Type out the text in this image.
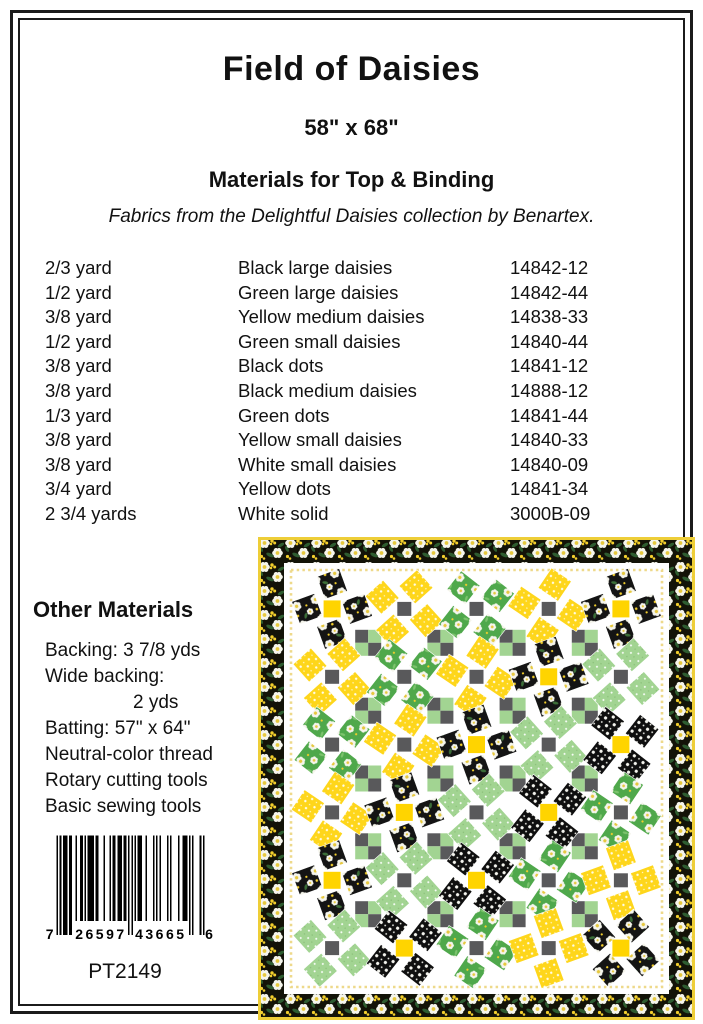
Field of Daisies
58" x 68"
Materials for Top & Binding
Fabrics from the Delightful Daisies collection by Benartex.
2/3 yard	Black large daisies	14842-12
1/2 yard	Green large daisies	14842-44
3/8 yard	Yellow medium daisies	14838-33
1/2 yard	Green small daisies	14840-44
3/8 yard	Black dots	14841-12
3/8 yard	Black medium daisies	14888-12
1/3 yard	Green dots	14841-44
3/8 yard	Yellow small daisies	14840-33
3/8 yard	White small daisies	14840-09
3/4 yard	Yellow dots	14841-34
2 3/4 yards	White solid	3000B-09
Other Materials
Backing: 3 7/8 yds
Wide backing:
2 yds
Batting: 57" x 64"
Neutral-color thread
Rotary cutting tools
Basic sewing tools
7 26597 43665 6
PT2149
